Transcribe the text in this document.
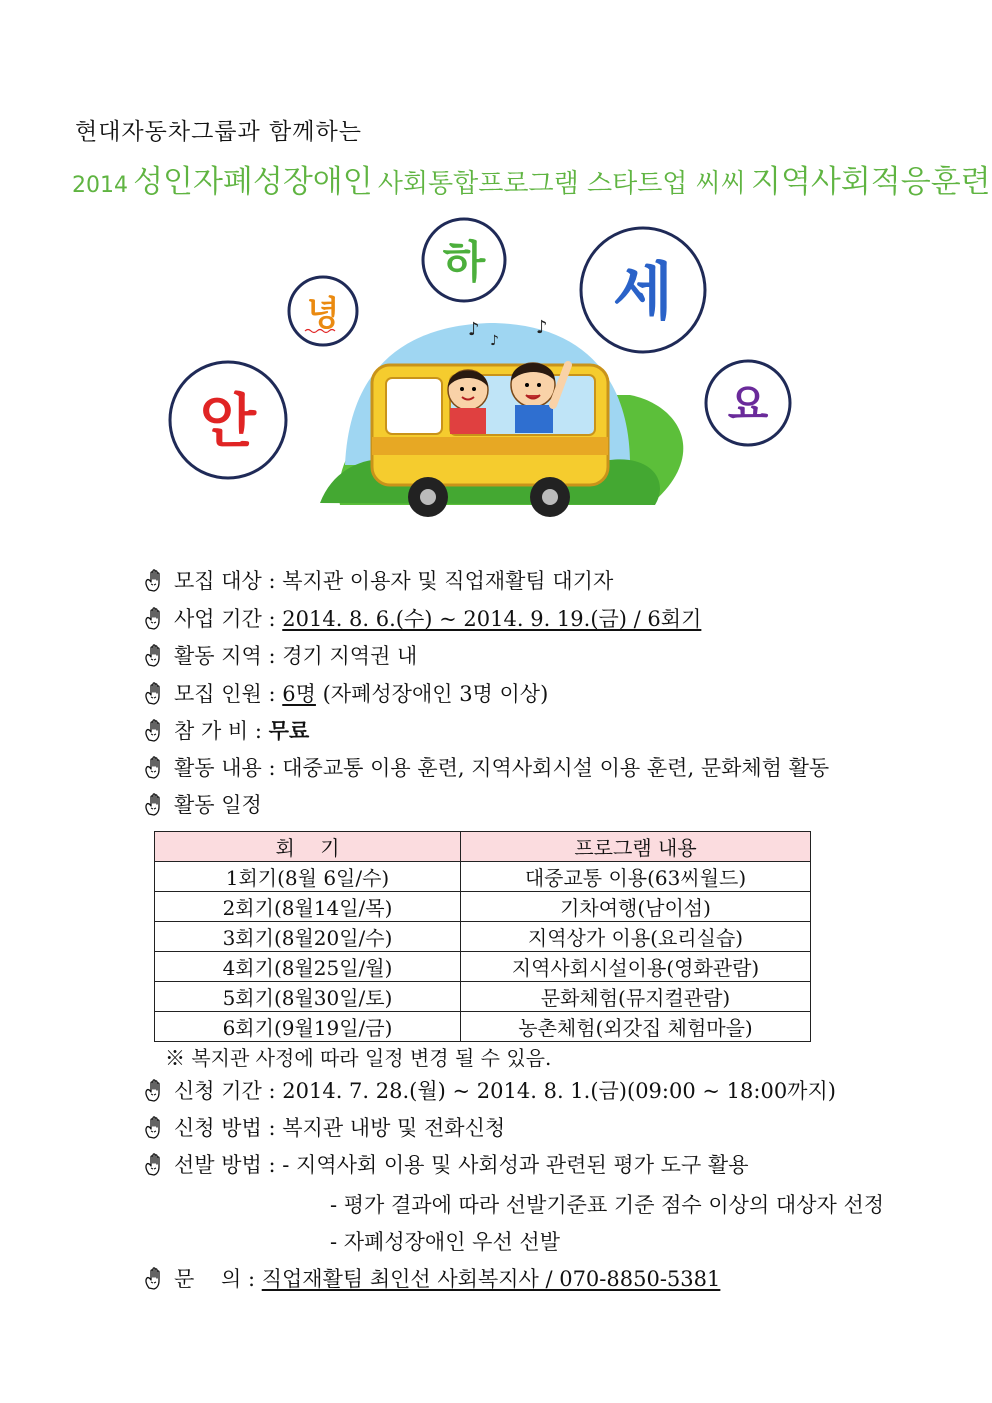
현대자동차그룹과 함께하는
2014 성인자폐성장애인 사회통합프로그램 스타트업 씨씨 지역사회적응훈련
♪	♪
♪
안
녕
하 세
요
모집 대상 :
복지관 이용자 및 직업재활팀 대기자
사업 기간 :
2014. 8. 6.(수) ~ 2014. 9. 19.(금) / 6회기
활동 지역 :
경기 지역권 내
모집 인원 :
6명
(자폐성장애인 3명 이상)
참 가 비 :
무료
활동 내용 :
대중교통 이용 훈련, 지역사회시설 이용 훈련, 문화체험 활동
활동 일정
회    기	프로그램 내용
1회기(8월 6일/수)	대중교통 이용(63씨월드)
2회기(8월14일/목)	기차여행(남이섬)
3회기(8월20일/수)	지역상가 이용(요리실습)
4회기(8월25일/월)	지역사회시설이용(영화관람)
5회기(8월30일/토)	문화체험(뮤지컬관람)
6회기(9월19일/금)	농촌체험(외갓집 체험마을)
※ 복지관 사정에 따라 일정 변경 될 수 있음.
신청 기간 :
2014. 7. 28.(월) ~ 2014. 8. 1.(금)(09:00 ~ 18:00까지)
신청 방법 :
복지관 내방 및 전화신청
선발 방법 :
- 지역사회 이용 및 사회성과 관련된 평가 도구 활용
- 평가 결과에 따라 선발기준표 기준 점수 이상의 대상자 선정
- 자폐성장애인 우선 선발
문    의 :
직업재활팀 최인선 사회복지사 / 070-8850-5381
